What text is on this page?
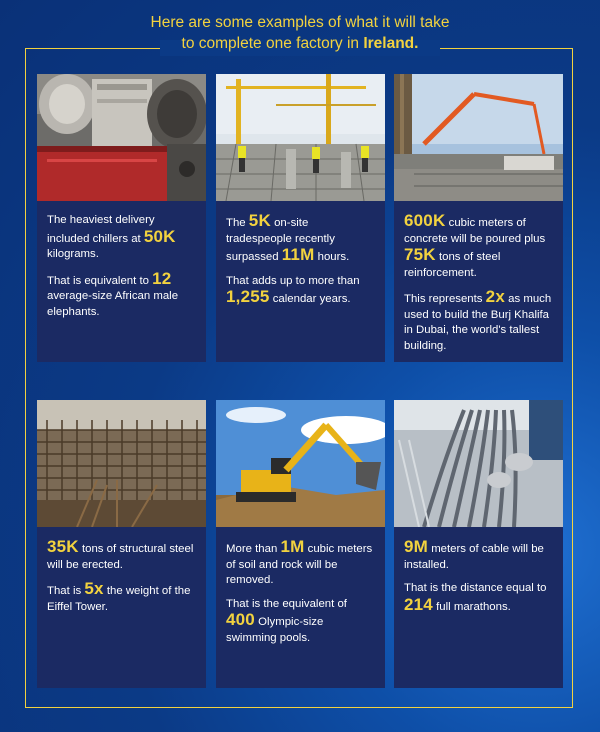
Here are some examples of what it will take
to complete one factory in Ireland.

The heaviest delivery included chillers at 50K kilograms.

That is equivalent to 12 average-size African male elephants.

The 5K on-site tradespeople recently surpassed 11M hours.

That adds up to more than 1,255 calendar years.

600K cubic meters of concrete will be poured plus 75K tons of steel reinforcement.

This represents 2x as much used to build the Burj Khalifa in Dubai, the world's tallest building.

35K tons of structural steel will be erected.

That is 5x the weight of the Eiffel Tower.

More than 1M cubic meters of soil and rock will be removed.

That is the equivalent of 400 Olympic-size swimming pools.

9M meters of cable will be installed.

That is the distance equal to 214 full marathons.
